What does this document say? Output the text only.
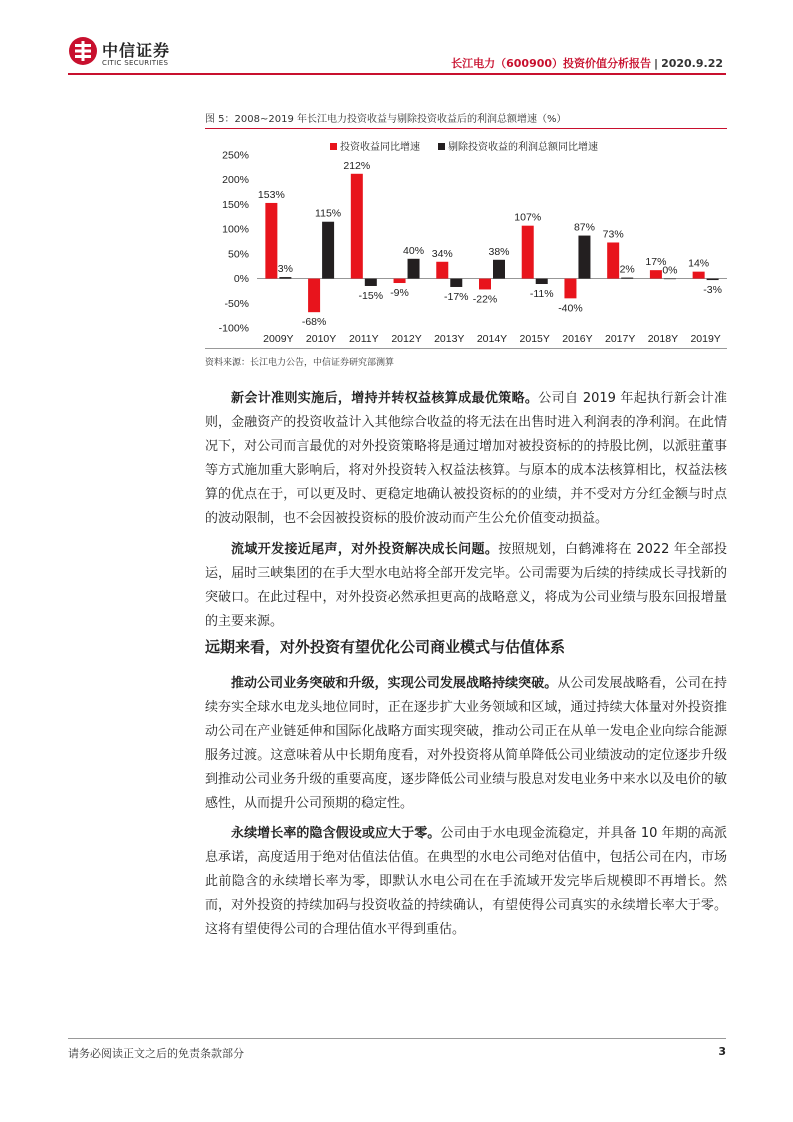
中信证券
CITIC SECURITIES	长江电力（600900）投资价值分析报告 | 2020.9.22
图 5：2008~2019 年长江电力投资收益与剔除投资收益后的利润总额增速（%）
250%
200%
150%
100%
50%
0%
-50%
-100%
投资收益同比增速	剔除投资收益的利润总额同比增速
153%
3%
2009Y
-68%
115%
2010Y
212%
-15%
2011Y
-9%
40%
2012Y
34%
-17%
2013Y
-22%
38%
2014Y
107%
-11%
2015Y
-40%
87%
2016Y
73%
2%
2017Y
17%
0%
2018Y
14%
-3%
2019Y
资料来源：长江电力公告，中信证券研究部测算

新会计准则实施后，增持并转权益核算成最优策略。公司自 2019 年起执行新会计准则，金融资产的投资收益计入其他综合收益的将无法在出售时进入利润表的净利润。在此情况下，对公司而言最优的对外投资策略将是通过增加对被投资标的的持股比例，以派驻董事等方式施加重大影响后，将对外投资转入权益法核算。与原本的成本法核算相比，权益法核算的优点在于，可以更及时、更稳定地确认被投资标的的业绩，并不受对方分红金额与时点的波动限制，也不会因被投资标的股价波动而产生公允价值变动损益。

流域开发接近尾声，对外投资解决成长问题。按照规划，白鹤滩将在 2022 年全部投运，届时三峡集团的在手大型水电站将全部开发完毕。公司需要为后续的持续成长寻找新的突破口。在此过程中，对外投资必然承担更高的战略意义，将成为公司业绩与股东回报增量的主要来源。

远期来看，对外投资有望优化公司商业模式与估值体系

推动公司业务突破和升级，实现公司发展战略持续突破。从公司发展战略看，公司在持续夯实全球水电龙头地位同时，正在逐步扩大业务领域和区域，通过持续大体量对外投资推动公司在产业链延伸和国际化战略方面实现突破，推动公司正在从单一发电企业向综合能源服务过渡。这意味着从中长期角度看，对外投资将从简单降低公司业绩波动的定位逐步升级到推动公司业务升级的重要高度，逐步降低公司业绩与股息对发电业务中来水以及电价的敏感性，从而提升公司预期的稳定性。

永续增长率的隐含假设或应大于零。公司由于水电现金流稳定，并具备 10 年期的高派息承诺，高度适用于绝对估值法估值。在典型的水电公司绝对估值中，包括公司在内，市场此前隐含的永续增长率为零，即默认水电公司在在手流域开发完毕后规模即不再增长。然而，对外投资的持续加码与投资收益的持续确认，有望使得公司真实的永续增长率大于零。这将有望使得公司的合理估值水平得到重估。

请务必阅读正文之后的免责条款部分	3
